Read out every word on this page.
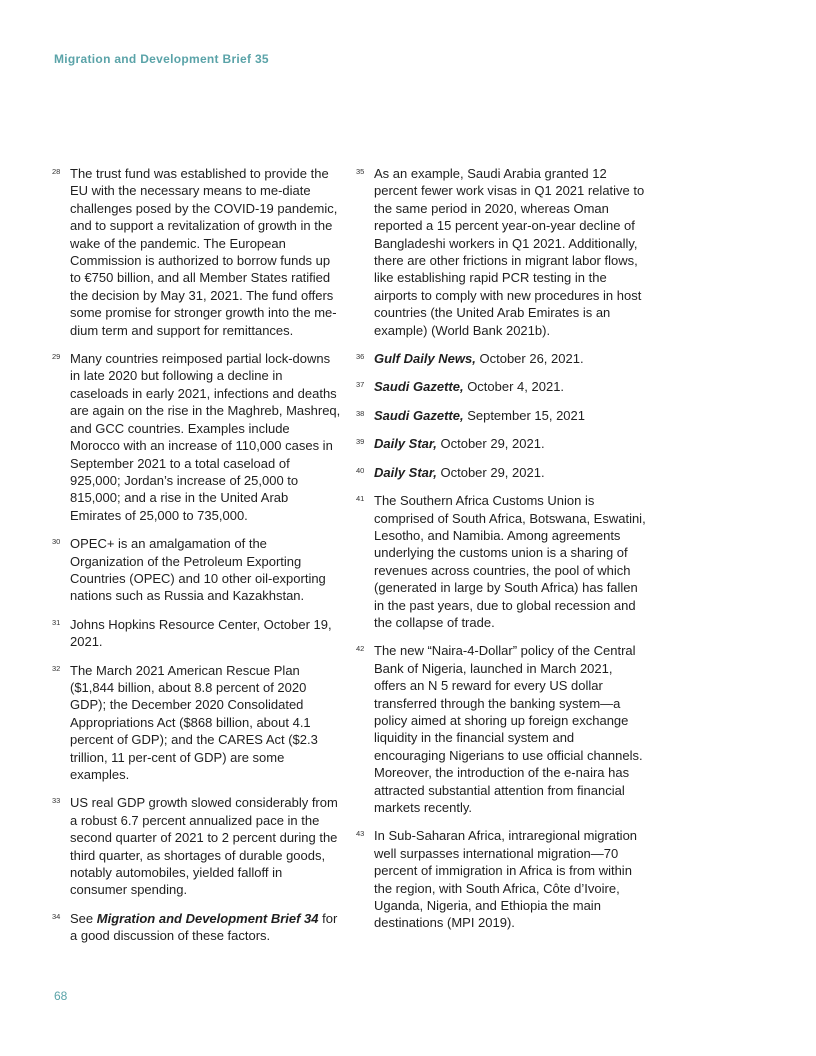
Migration and Development Brief 35
28 The trust fund was established to provide the EU with the necessary means to me-diate challenges posed by the COVID-19 pandemic, and to support a revitalization of growth in the wake of the pandemic. The European Commission is authorized to borrow funds up to €750 billion, and all Member States ratified the decision by May 31, 2021. The fund offers some promise for stronger growth into the me-dium term and support for remittances.
29 Many countries reimposed partial lock-downs in late 2020 but following a decline in caseloads in early 2021, infections and deaths are again on the rise in the Maghreb, Mashreq, and GCC countries. Examples include Morocco with an increase of 110,000 cases in September 2021 to a total caseload of 925,000; Jordan’s increase of 25,000 to 815,000; and a rise in the United Arab Emirates of 25,000 to 735,000.
30 OPEC+ is an amalgamation of the Organization of the Petroleum Exporting Countries (OPEC) and 10 other oil-exporting nations such as Russia and Kazakhstan.
31 Johns Hopkins Resource Center, October 19, 2021.
32 The March 2021 American Rescue Plan ($1,844 billion, about 8.8 percent of 2020 GDP); the December 2020 Consolidated Appropriations Act ($868 billion, about 4.1 percent of GDP); and the CARES Act ($2.3 trillion, 11 per-cent of GDP) are some examples.
33 US real GDP growth slowed considerably from a robust 6.7 percent annualized pace in the second quarter of 2021 to 2 percent during the third quarter, as shortages of durable goods, notably automobiles, yielded falloff in consumer spending.
34 See Migration and Development Brief 34 for a good discussion of these factors.
35 As an example, Saudi Arabia granted 12 percent fewer work visas in Q1 2021 relative to the same period in 2020, whereas Oman reported a 15 percent year-on-year decline of Bangladeshi workers in Q1 2021. Additionally, there are other frictions in migrant labor flows, like establishing rapid PCR testing in the airports to comply with new procedures in host countries (the United Arab Emirates is an example) (World Bank 2021b).
36 Gulf Daily News, October 26, 2021.
37 Saudi Gazette, October 4, 2021.
38 Saudi Gazette, September 15, 2021
39 Daily Star, October 29, 2021.
40 Daily Star, October 29, 2021.
41 The Southern Africa Customs Union is comprised of South Africa, Botswana, Eswatini, Lesotho, and Namibia. Among agreements underlying the customs union is a sharing of revenues across countries, the pool of which (generated in large by South Africa) has fallen in the past years, due to global recession and the collapse of trade.
42 The new “Naira-4-Dollar” policy of the Central Bank of Nigeria, launched in March 2021, offers an N 5 reward for every US dollar transferred through the banking system—a policy aimed at shoring up foreign exchange liquidity in the financial system and encouraging Nigerians to use official channels. Moreover, the introduction of the e-naira has attracted substantial attention from financial markets recently.
43 In Sub-Saharan Africa, intraregional migration well surpasses international migration—70 percent of immigration in Africa is from within the region, with South Africa, Côte d’Ivoire, Uganda, Nigeria, and Ethiopia the main destinations (MPI 2019).
68
